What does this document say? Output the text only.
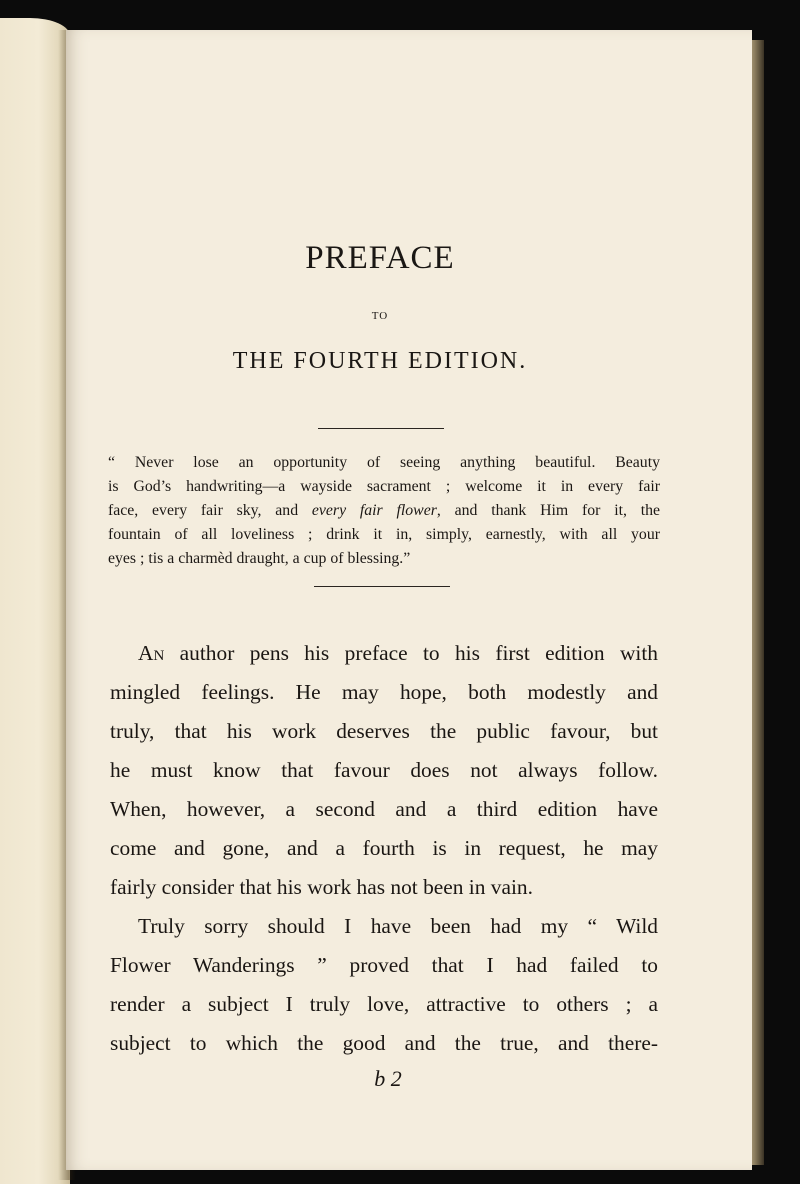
PREFACE
TO
THE FOURTH EDITION.
“ Never lose an opportunity of seeing anything beautiful. Beauty
is God’s handwriting—a wayside sacrament ; welcome it in every fair
face, every fair sky, and every fair flower, and thank Him for it, the
fountain of all loveliness ; drink it in, simply, earnestly, with all your
eyes ; tis a charmèd draught, a cup of blessing.”
An author pens his preface to his first edition with
mingled feelings. He may hope, both modestly and
truly, that his work deserves the public favour, but
he must know that favour does not always follow.
When, however, a second and a third edition have
come and gone, and a fourth is in request, he may
fairly consider that his work has not been in vain.
Truly sorry should I have been had my “ Wild
Flower Wanderings ” proved that I had failed to
render a subject I truly love, attractive to others ; a
subject to which the good and the true, and there-
b 2
